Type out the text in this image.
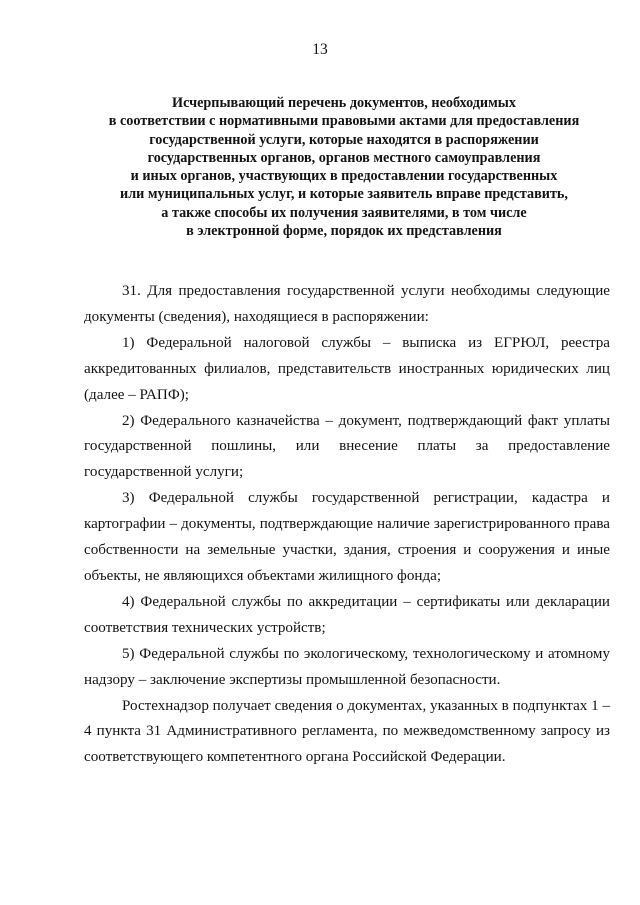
13
Исчерпывающий перечень документов, необходимых
в соответствии с нормативными правовыми актами для предоставления
государственной услуги, которые находятся в распоряжении
государственных органов, органов местного самоуправления
и иных органов, участвующих в предоставлении государственных
или муниципальных услуг, и которые заявитель вправе представить,
а также способы их получения заявителями, в том числе
в электронной форме, порядок их представления

31. Для предоставления государственной услуги необходимы следующие документы (сведения), находящиеся в распоряжении:

1) Федеральной налоговой службы – выписка из ЕГРЮЛ, реестра аккредитованных филиалов, представительств иностранных юридических лиц (далее – РАПФ);

2) Федерального казначейства – документ, подтверждающий факт уплаты государственной пошлины, или внесение платы за предоставление государственной услуги;

3) Федеральной службы государственной регистрации, кадастра и картографии – документы, подтверждающие наличие зарегистрированного права собственности на земельные участки, здания, строения и сооружения и иные объекты, не являющихся объектами жилищного фонда;

4) Федеральной службы по аккредитации – сертификаты или декларации соответствия технических устройств;

5) Федеральной службы по экологическому, технологическому и атомному надзору – заключение экспертизы промышленной безопасности.

Ростехнадзор получает сведения о документах, указанных в подпунктах 1 – 4 пункта 31 Административного регламента, по межведомственному запросу из соответствующего компетентного органа Российской Федерации.
